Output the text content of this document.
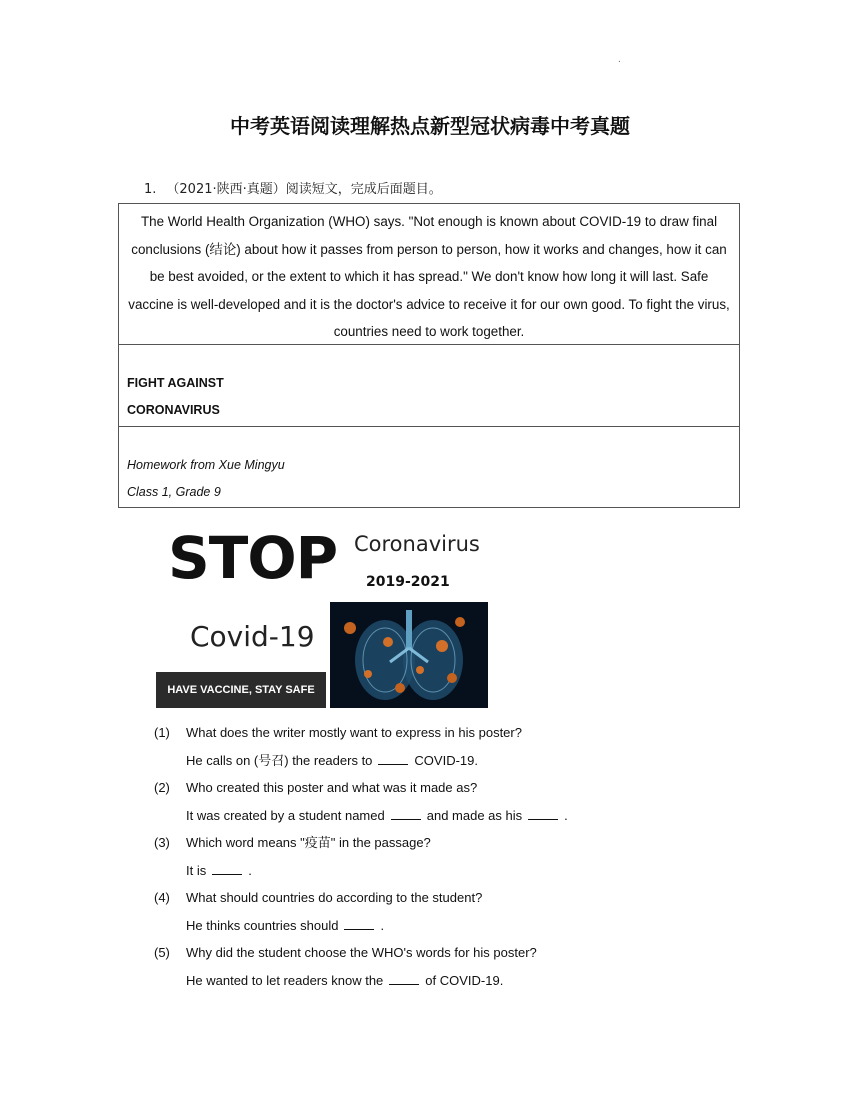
.
中考英语阅读理解热点新型冠状病毒中考真题
1. （2021·陕西·真题）阅读短文，完成后面题目。
The World Health Organization (WHO) says. "Not enough is known about COVID-19 to draw final conclusions (结论) about how it passes from person to person, how it works and changes, how it can be best avoided, or the extent to which it has spread." We don't know how long it will last. Safe vaccine is well-developed and it is the doctor's advice to receive it for our own good. To fight the virus, countries need to work together.
FIGHT AGAINST
CORONAVIRUS
Homework from Xue Mingyu
Class 1, Grade 9
STOP Coronavirus
2019-2021
Covid-19
HAVE VACCINE, STAY SAFE
(1) What does the writer mostly want to express in his poster?
He calls on (号召) the readers to	COVID-19.
(2) Who created this poster and what was it made as?
It was created by a student named	and made as his	.
(3) Which word means "疫苗" in the passage?
It is	.
(4) What should countries do according to the student?
He thinks countries should	.
(5) Why did the student choose the WHO's words for his poster?
He wanted to let readers know the	of COVID-19.
